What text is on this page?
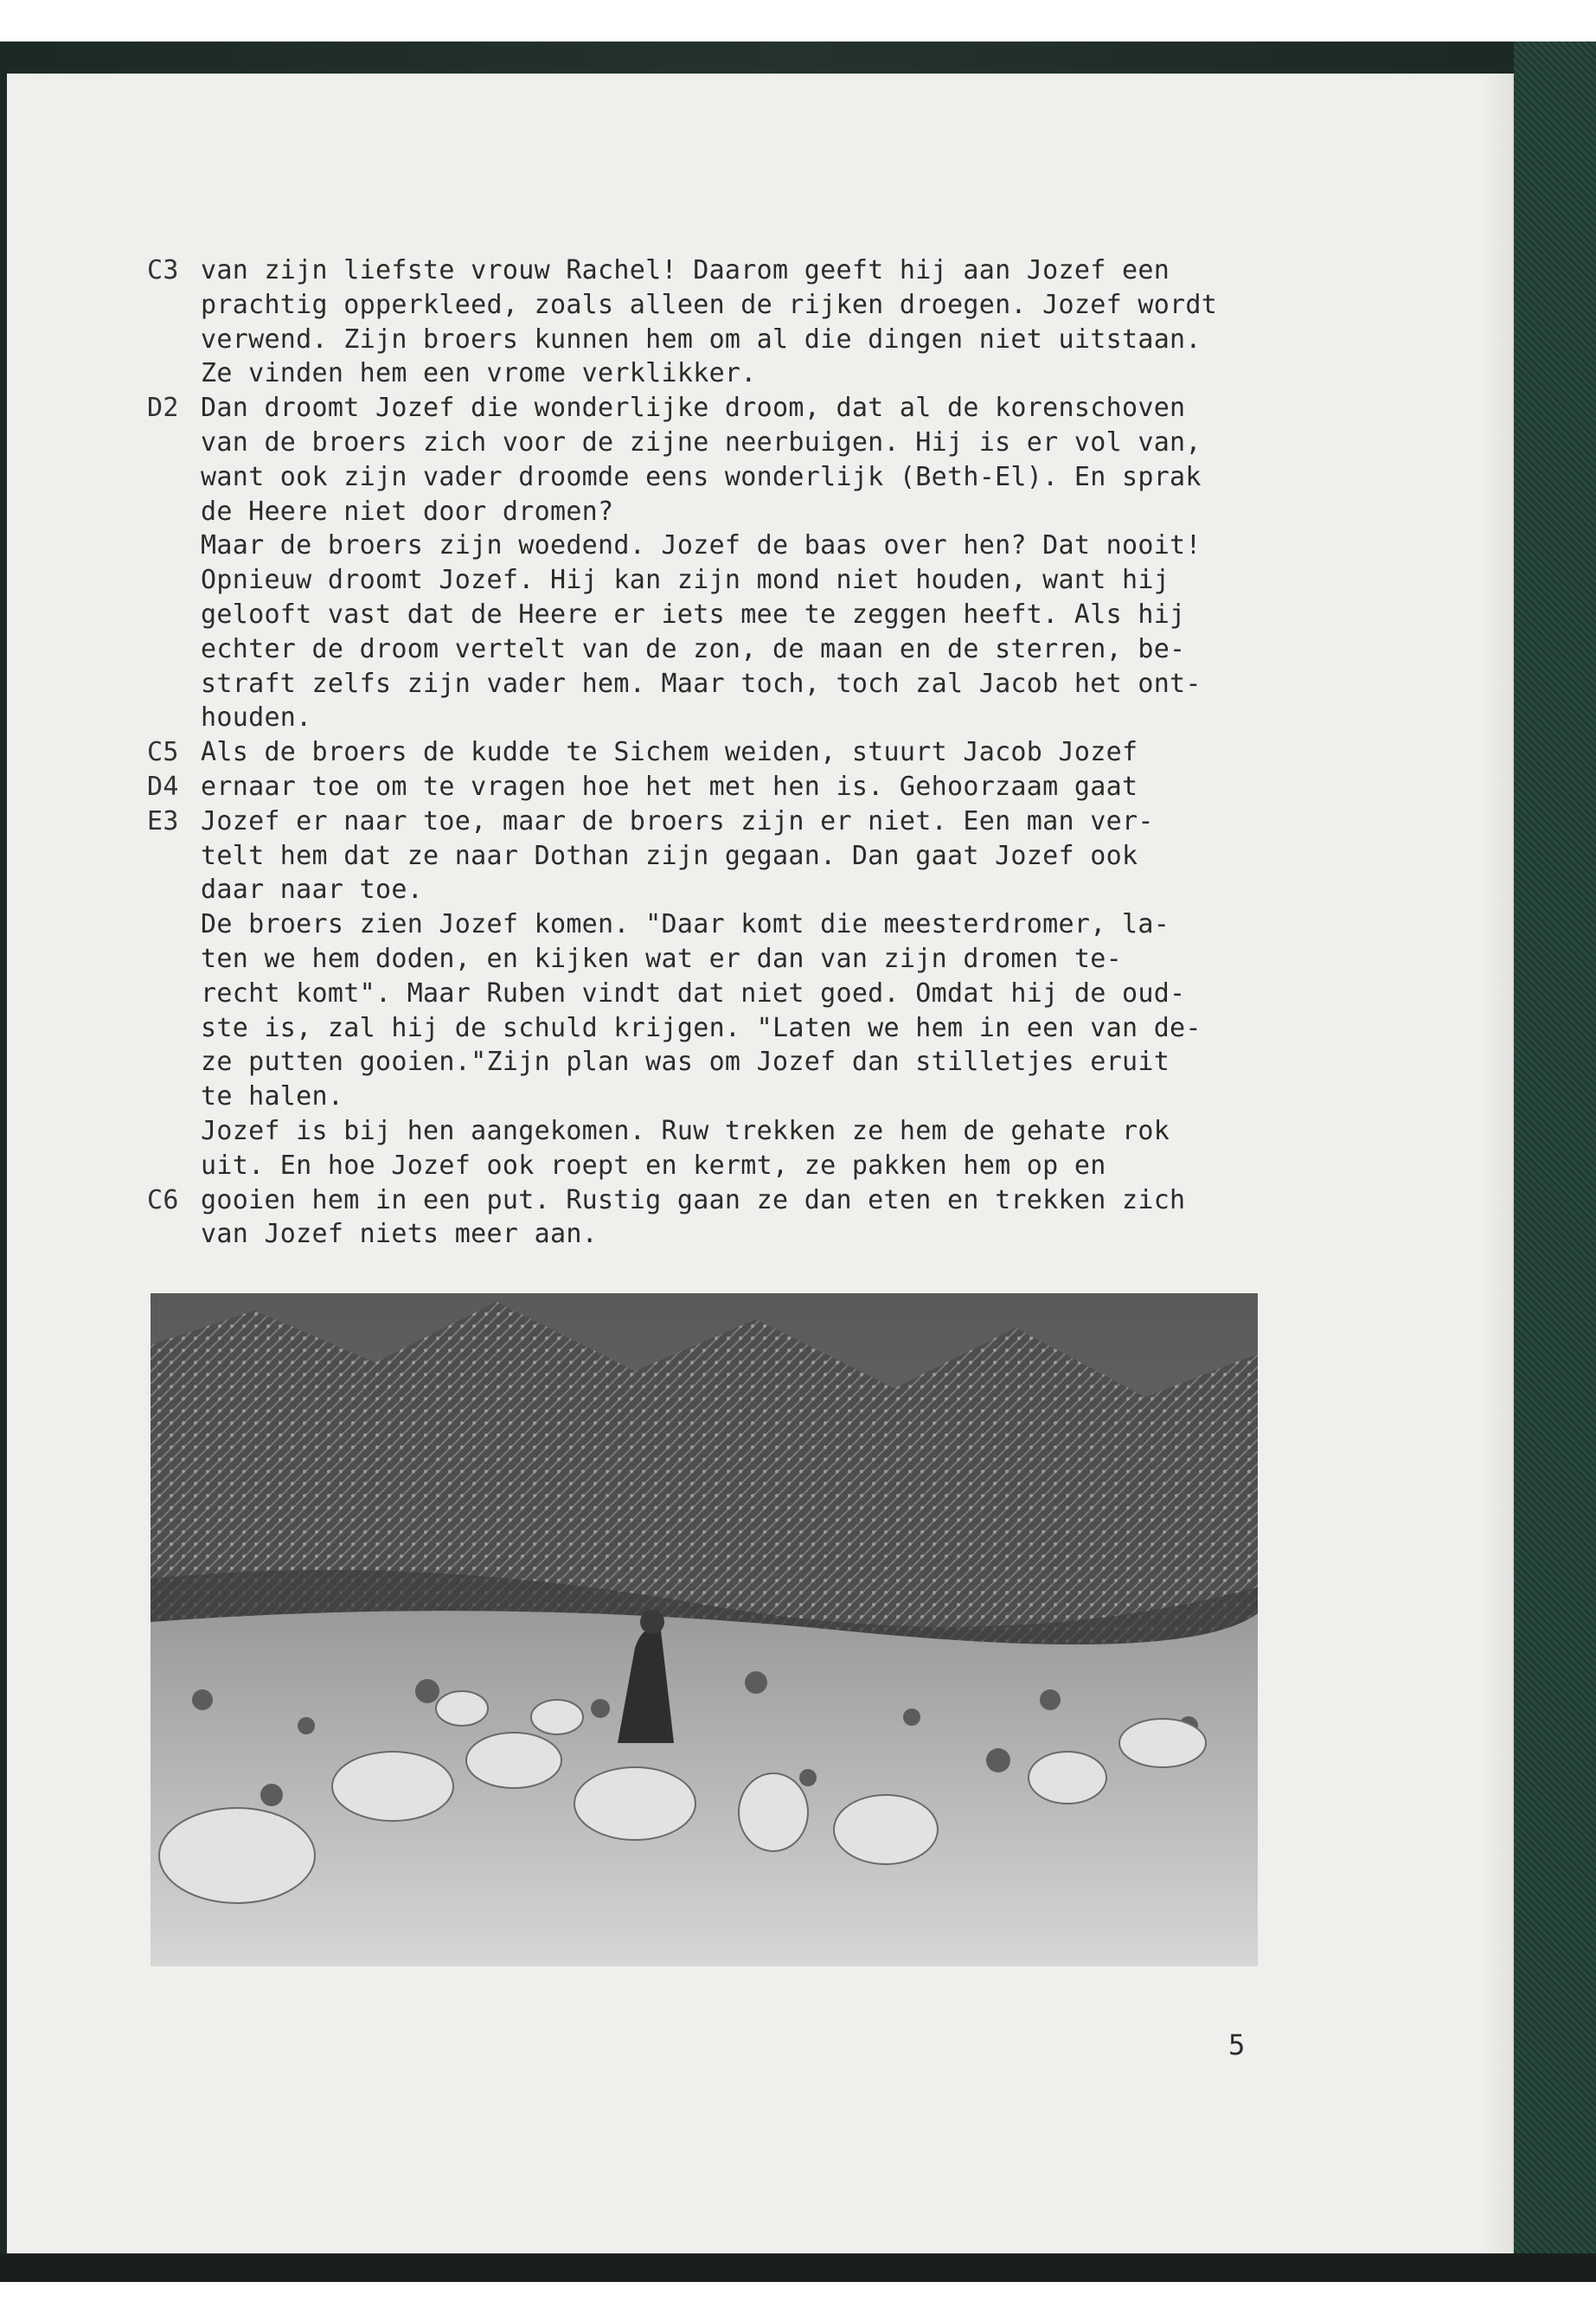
C3 van zijn liefste vrouw Rachel! Daarom geeft hij aan Jozef een
prachtig opperkleed, zoals alleen de rijken droegen. Jozef wordt
verwend. Zijn broers kunnen hem om al die dingen niet uitstaan.
Ze vinden hem een vrome verklikker.
D2 Dan droomt Jozef die wonderlijke droom, dat al de korenschoven
van de broers zich voor de zijne neerbuigen. Hij is er vol van,
want ook zijn vader droomde eens wonderlijk (Beth-El). En sprak
de Heere niet door dromen?
Maar de broers zijn woedend. Jozef de baas over hen? Dat nooit!
Opnieuw droomt Jozef. Hij kan zijn mond niet houden, want hij
gelooft vast dat de Heere er iets mee te zeggen heeft. Als hij
echter de droom vertelt van de zon, de maan en de sterren, be-
straft zelfs zijn vader hem. Maar toch, toch zal Jacob het ont-
houden.
C5 Als de broers de kudde te Sichem weiden, stuurt Jacob Jozef
D4 ernaar toe om te vragen hoe het met hen is. Gehoorzaam gaat
E3 Jozef er naar toe, maar de broers zijn er niet. Een man ver-
telt hem dat ze naar Dothan zijn gegaan. Dan gaat Jozef ook
daar naar toe.
De broers zien Jozef komen. "Daar komt die meesterdromer, la-
ten we hem doden, en kijken wat er dan van zijn dromen te-
recht komt". Maar Ruben vindt dat niet goed. Omdat hij de oud-
ste is, zal hij de schuld krijgen. "Laten we hem in een van de-
ze putten gooien."Zijn plan was om Jozef dan stilletjes eruit
te halen.
Jozef is bij hen aangekomen. Ruw trekken ze hem de gehate rok
uit. En hoe Jozef ook roept en kermt, ze pakken hem op en
C6 gooien hem in een put. Rustig gaan ze dan eten en trekken zich
van Jozef niets meer aan.
5
